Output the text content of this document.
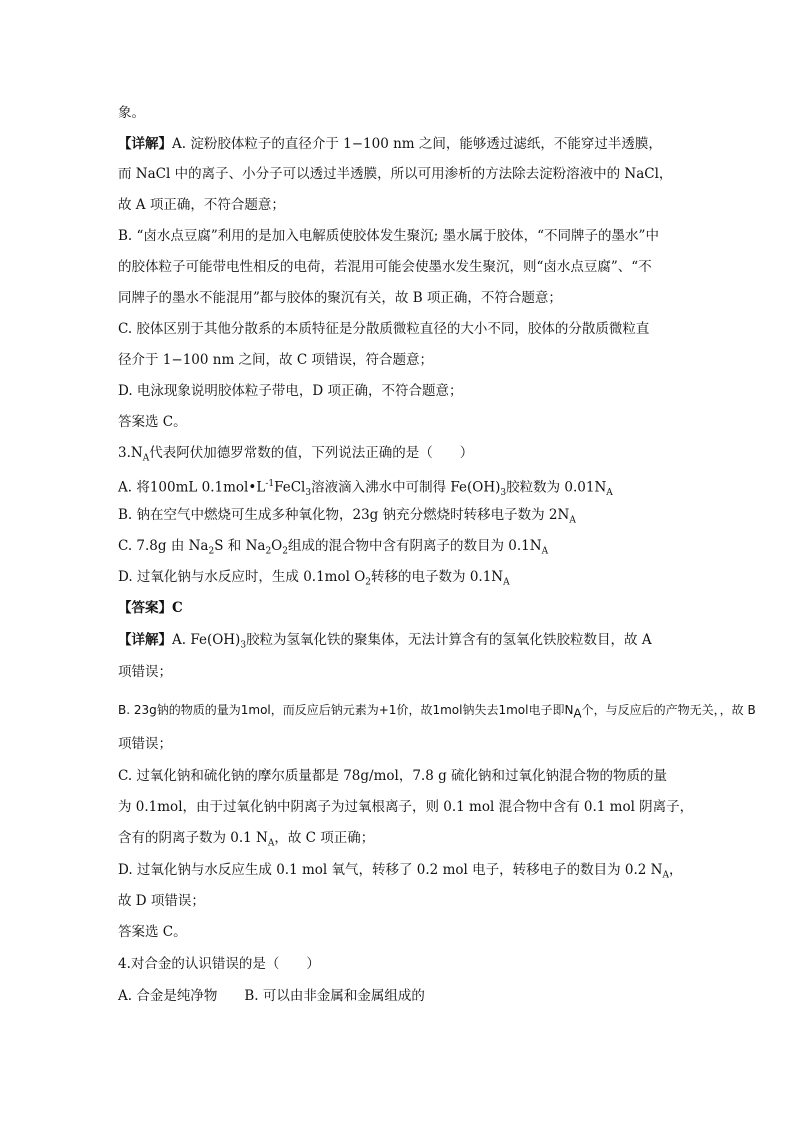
象。
【详解】A. 淀粉胶体粒子的直径介于 1−100 nm 之间，能够透过滤纸，不能穿过半透膜，
而 NaCl 中的离子、小分子可以透过半透膜，所以可用渗析的方法除去淀粉溶液中的 NaCl，
故 A 项正确，不符合题意；
B. “卤水点豆腐”利用的是加入电解质使胶体发生聚沉; 墨水属于胶体，“不同牌子的墨水”中
的胶体粒子可能带电性相反的电荷，若混用可能会使墨水发生聚沉，则“卤水点豆腐”、“不
同牌子的墨水不能混用”都与胶体的聚沉有关，故 B 项正确，不符合题意；
C. 胶体区别于其他分散系的本质特征是分散质微粒直径的大小不同，胶体的分散质微粒直
径介于 1−100 nm 之间，故 C 项错误，符合题意；
D. 电泳现象说明胶体粒子带电，D 项正确，不符合题意；
答案选 C。
$3.N_A$代表阿伏加德罗常数的值，下列说法正确的是（　　）
A. 将100mL $0.1mol•L^{-1}FeCl_3$溶液滴入沸水中可制得 $Fe(OH)_3$胶粒数为 $0.01N_A$
B. 钠在空气中燃烧可生成多种氧化物，23g 钠充分燃烧时转移电子数为 $2N_A$
C. 7.8g 由 $Na_2S$ 和 $Na_2O_2$组成的混合物中含有阴离子的数目为 $0.1N_A$
D. 过氧化钠与水反应时，生成 0.1mol $O_2$转移的电子数为 $0.1N_A$
【答案】C
【详解】A. $Fe(OH)_3$胶粒为氢氧化铁的聚集体，无法计算含有的氢氧化铁胶粒数目，故 A
项错误；
B. 23g钠的物质的量为1mol，而反应后钠元素为+1价，故1mol钠失去1mol电子即$N_A$个，与反应后的产物无关，，故 B
项错误；
C. 过氧化钠和硫化钠的摩尔质量都是 78g/mol，7.8 g 硫化钠和过氧化钠混合物的物质的量
为 0.1mol，由于过氧化钠中阴离子为过氧根离子，则 0.1 mol 混合物中含有 0.1 mol 阴离子，
含有的阴离子数为 0.1 $N_A$，故 C 项正确；
D. 过氧化钠与水反应生成 0.1 mol 氧气，转移了 0.2 mol 电子，转移电子的数目为 0.2 $N_A$，
故 D 项错误；
答案选 C。
4.对合金的认识错误的是（　　）
A. 合金是纯净物　　B. 可以由非金属和金属组成的
